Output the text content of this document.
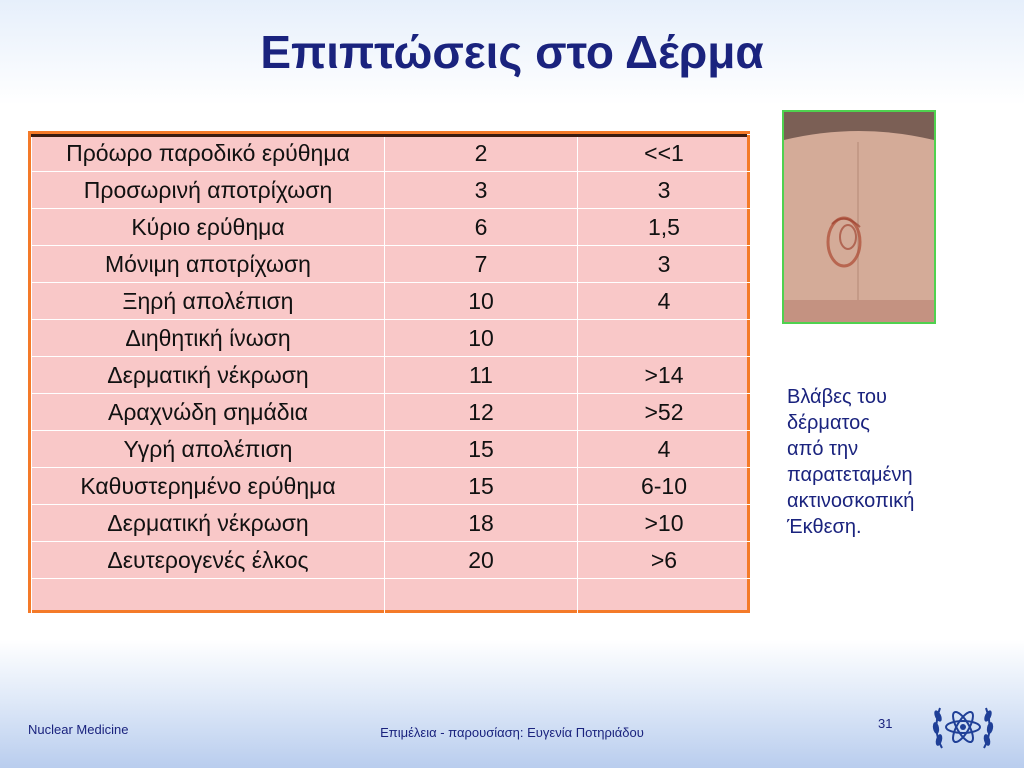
Επιπτώσεις στο Δέρμα
Πρόωρο παροδικό ερύθημα	2	<<1
Προσωρινή αποτρίχωση	3	3
Κύριο ερύθημα	6	1,5
Μόνιμη αποτρίχωση	7	3
Ξηρή απολέπιση	10	4
Διηθητική ίνωση	10	
Δερματική νέκρωση	11	>14
Αραχνώδη σημάδια	12	>52
Υγρή απολέπιση	15	4
Καθυστερημένο ερύθημα	15	6-10
Δερματική νέκρωση	18	>10
Δευτερογενές έλκος	20	>6

Βλάβες του
δέρματος
από την
παρατεταμένη
ακτινοσκοπική
Έκθεση.
Nuclear Medicine	Επιμέλεια - παρουσίαση: Ευγενία Ποτηριάδου
31
